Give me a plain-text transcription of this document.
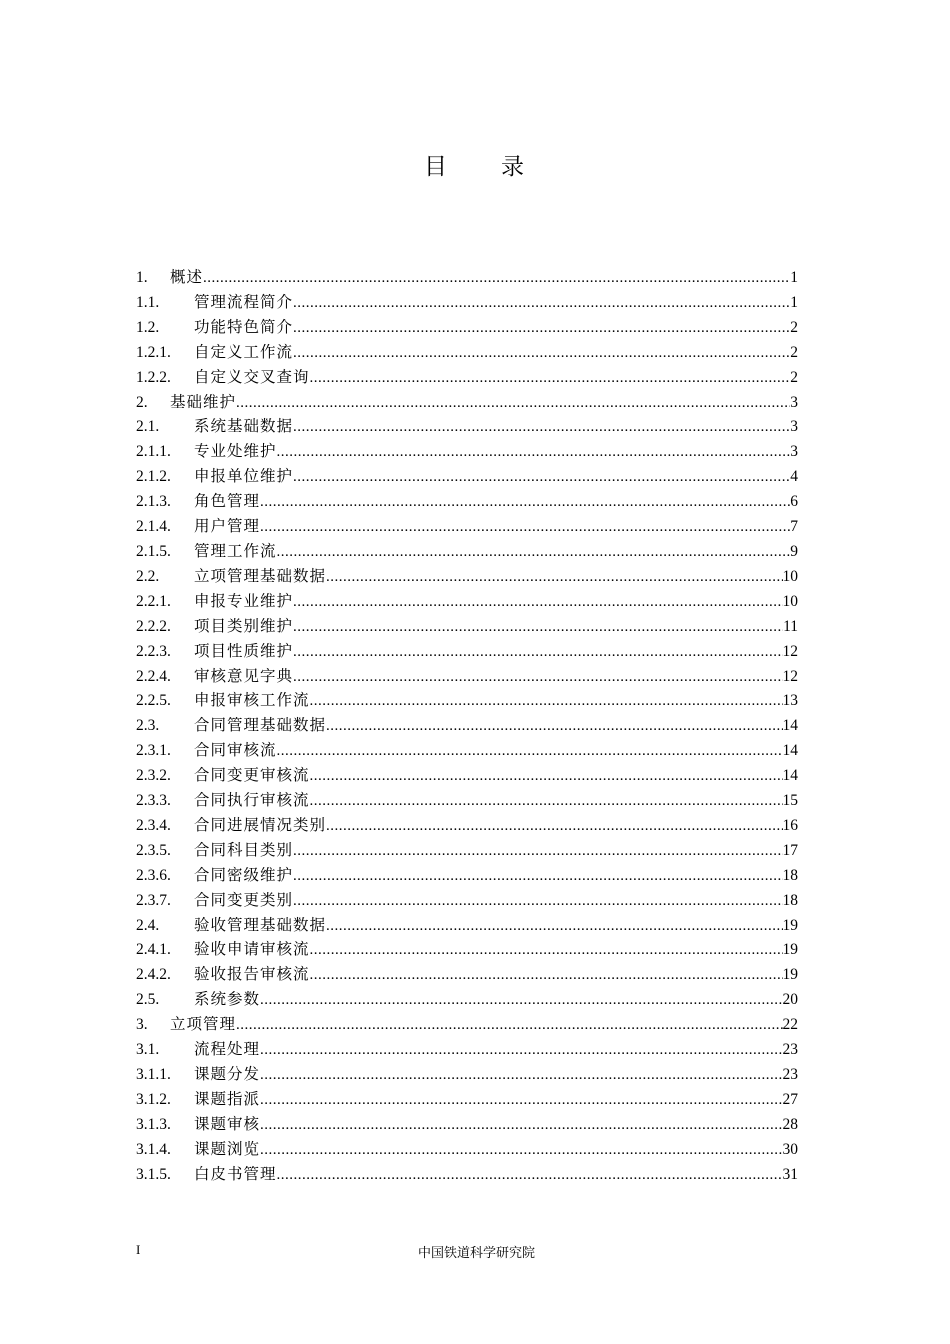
目 录
1.	概述 .....	1
1.1.	管理流程简介 .....	1
1.2.	功能特色简介 .....	2
1.2.1.	自定义工作流 .....	2
1.2.2.	自定义交叉查询 .....	2
2.	基础维护 .....	3
2.1.	系统基础数据 .....	3
2.1.1.	专业处维护 .....	3
2.1.2.	申报单位维护 .....	4
2.1.3.	角色管理 .....	6
2.1.4.	用户管理 .....	7
2.1.5.	管理工作流 .....	9
2.2.	立项管理基础数据 .....	10
2.2.1.	申报专业维护 .....	10
2.2.2.	项目类别维护 .....	11
2.2.3.	项目性质维护 .....	12
2.2.4.	审核意见字典 .....	12
2.2.5.	申报审核工作流 .....	13
2.3.	合同管理基础数据 .....	14
2.3.1.	合同审核流 .....	14
2.3.2.	合同变更审核流 .....	14
2.3.3.	合同执行审核流 .....	15
2.3.4.	合同进展情况类别 .....	16
2.3.5.	合同科目类别 .....	17
2.3.6.	合同密级维护 .....	18
2.3.7.	合同变更类别 .....	18
2.4.	验收管理基础数据 .....	19
2.4.1.	验收申请审核流 .....	19
2.4.2.	验收报告审核流 .....	19
2.5.	系统参数 .....	20
3.	立项管理 .....	22
3.1.	流程处理 .....	23
3.1.1.	课题分发 .....	23
3.1.2.	课题指派 .....	27
3.1.3.	课题审核 .....	28
3.1.4.	课题浏览 .....	30
3.1.5.	白皮书管理 .....	31
I	中国铁道科学研究院
